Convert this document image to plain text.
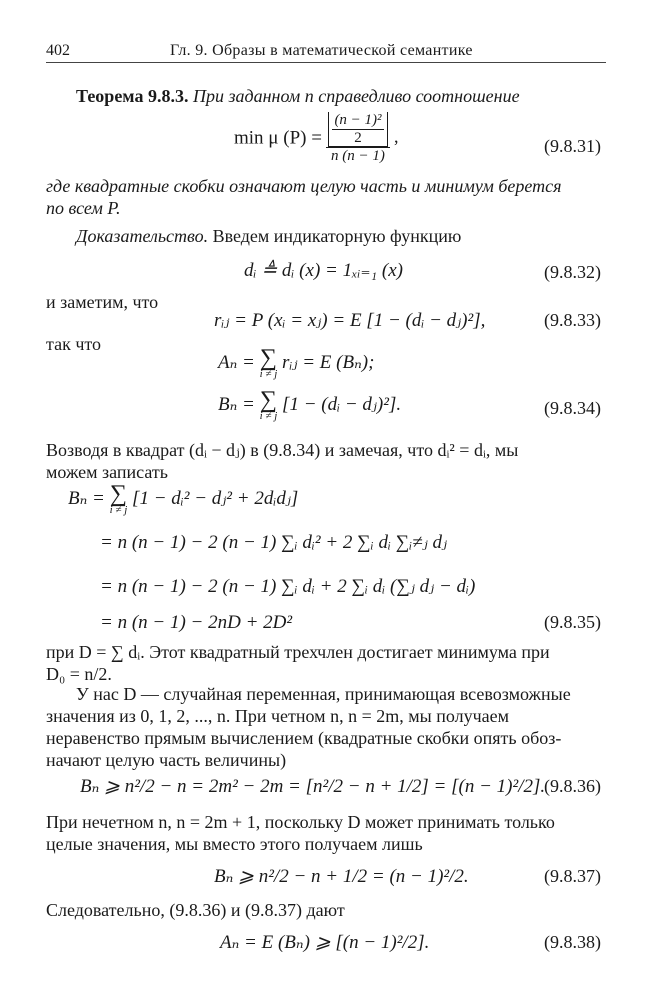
402	Гл. 9. Образы в математической семантике
Теорема 9.8.3. При заданном n справедливо соотношение
min μ $(P) = \frac{\frac{\text{(n − 1)²}}{2}}{n (n - 1)}$ ,	(9.8.31)
где квадратные скобки означают целую часть и минимум берется
по всем P.
Доказательство. Введем индикаторную функцию
dᵢ ≜ dᵢ (x) = 1ₓᵢ₌₁ (x)	(9.8.32)
и заметим, что
rᵢⱼ = P (xᵢ = xⱼ) = E [1 − (dᵢ − dⱼ)²],	(9.8.33)
так что
Aₙ = ∑
i ≠ j
rᵢⱼ = E (Bₙ);
Bₙ = ∑
i ≠ j
[1 − (dᵢ − dⱼ)²].	(9.8.34)
Возводя в квадрат (dᵢ − dⱼ) в (9.8.34) и замечая, что dᵢ² = dᵢ, мы
можем записать
Bₙ = ∑
i ≠ j
[1 − dᵢ² − dⱼ² + 2dᵢdⱼ]
= n (n − 1) − 2 (n − 1) ∑ᵢ dᵢ² + 2 ∑ᵢ dᵢ ∑ᵢ≠ⱼ dⱼ
= n (n − 1) − 2 (n − 1) ∑ᵢ dᵢ + 2 ∑ᵢ dᵢ (∑ⱼ dⱼ − dᵢ)
= n (n − 1) − 2nD + 2D²	(9.8.35)
при D = ∑ dᵢ. Этот квадратный трехчлен достигает минимума при
D₀ = n/2.
У нас D — случайная переменная, принимающая всевозможные
значения из 0, 1, 2, ..., n. При четном n, n = 2m, мы получаем
неравенство прямым вычислением (квадратные скобки опять обоз-
начают целую часть величины)
Bₙ ⩾ n²/2 − n = 2m² − 2m = [n²/2 − n + 1/2] = [(n − 1)²/2].
(9.8.36)
При нечетном n, n = 2m + 1, поскольку D может принимать только
целые значения, мы вместо этого получаем лишь
Bₙ ⩾ n²/2 − n + 1/2 = (n − 1)²/2.	(9.8.37)
Следовательно, (9.8.36) и (9.8.37) дают
Aₙ = E (Bₙ) ⩾ [(n − 1)²/2].	(9.8.38)
